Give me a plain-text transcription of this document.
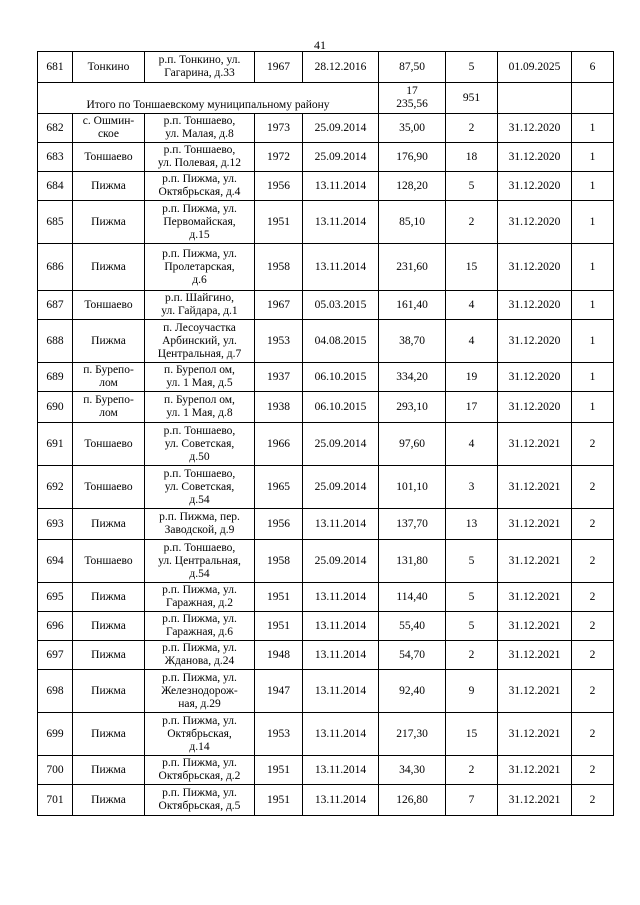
41
681	Тонкино	р.п. Тонкино, ул.
Гагарина, д.33	1967	28.12.2016	87,50	5	01.09.2025	6
Итого по Тоншаевскому муниципальному району					17
235,56	951		
682	с. Ошмин-
ское	р.п. Тоншаево,
ул. Малая, д.8	1973	25.09.2014	35,00	2	31.12.2020	1
683	Тоншаево	р.п. Тоншаево,
ул. Полевая, д.12	1972	25.09.2014	176,90	18	31.12.2020	1
684	Пижма	р.п. Пижма, ул.
Октябрьская, д.4	1956	13.11.2014	128,20	5	31.12.2020	1
685	Пижма	р.п. Пижма, ул.
Первомайская,
д.15	1951	13.11.2014	85,10	2	31.12.2020	1
686	Пижма	р.п. Пижма, ул.
Пролетарская,
д.6	1958	13.11.2014	231,60	15	31.12.2020	1
687	Тоншаево	р.п. Шайгино,
ул. Гайдара, д.1	1967	05.03.2015	161,40	4	31.12.2020	1
688	Пижма	п. Лесоучастка
Арбинский, ул.
Центральная, д.7	1953	04.08.2015	38,70	4	31.12.2020	1
689	п. Бурепо-
лом	п. Бурепол ом,
ул. 1 Мая, д.5	1937	06.10.2015	334,20	19	31.12.2020	1
690	п. Бурепо-
лом	п. Бурепол ом,
ул. 1 Мая, д.8	1938	06.10.2015	293,10	17	31.12.2020	1
691	Тоншаево	р.п. Тоншаево,
ул. Советская,
д.50	1966	25.09.2014	97,60	4	31.12.2021	2
692	Тоншаево	р.п. Тоншаево,
ул. Советская,
д.54	1965	25.09.2014	101,10	3	31.12.2021	2
693	Пижма	р.п. Пижма, пер.
Заводской, д.9	1956	13.11.2014	137,70	13	31.12.2021	2
694	Тоншаево	р.п. Тоншаево,
ул. Центральная,
д.54	1958	25.09.2014	131,80	5	31.12.2021	2
695	Пижма	р.п. Пижма, ул.
Гаражная, д.2	1951	13.11.2014	114,40	5	31.12.2021	2
696	Пижма	р.п. Пижма, ул.
Гаражная, д.6	1951	13.11.2014	55,40	5	31.12.2021	2
697	Пижма	р.п. Пижма, ул.
Жданова, д.24	1948	13.11.2014	54,70	2	31.12.2021	2
698	Пижма	р.п. Пижма, ул.
Железнодорож-
ная, д.29	1947	13.11.2014	92,40	9	31.12.2021	2
699	Пижма	р.п. Пижма, ул.
Октябрьская,
д.14	1953	13.11.2014	217,30	15	31.12.2021	2
700	Пижма	р.п. Пижма, ул.
Октябрьская, д.2	1951	13.11.2014	34,30	2	31.12.2021	2
701	Пижма	р.п. Пижма, ул.
Октябрьская, д.5	1951	13.11.2014	126,80	7	31.12.2021	2
